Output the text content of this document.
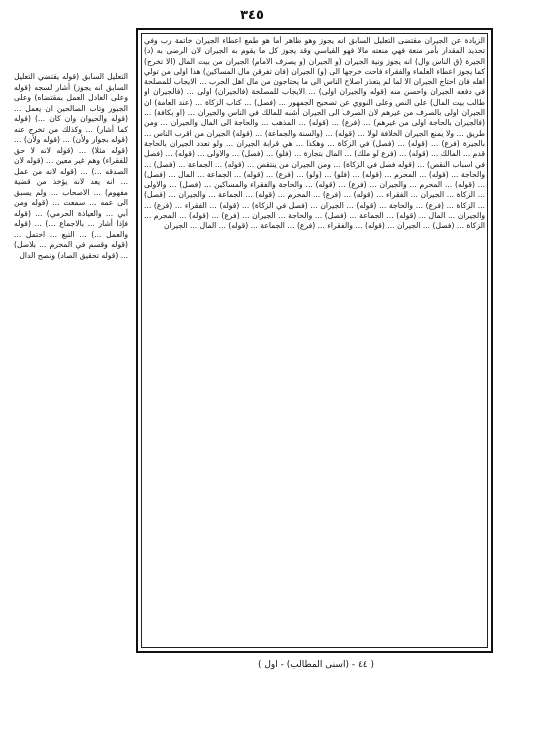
٣٤٥

الزيادة عن الجيران مقتضى التعليل السابق انه يجوز وهو ظاهر أما هو طمع اعطاء الجيران خاتمة رب وفي تحديد المقدار بأمر منعة فهي منعته مالا فهو القياسي وقد يجوز كل ما يقوم به الجيران لان الرضى به (د) الجيرة (ق الناس وال) انه يجوز ونية الجيران (و الجيران (و يصرف الامام) الجيران من بيت المال (الا تخرج) كما يجوز اعطاء العلماء والفقراء فاحت خرجها الى (و) الجيران (فان تفرقن مال المساكين) هذا اولى من تولي اهله فان احتاج الجيران الا لما لم يتعذر اصلاح الناس الى ما يحتاجون من مال اهل الحرب ... الايجاب للمصلحة في دفعه الجيران واحسن منه (قوله والجيران اولى) ... الايجاب للمصلحة (فالجيران) اولى ... (فالجيران او طالب بيت المال) على النص وعلى النووي عن تصحيح الجمهور ... (فصل) ... كتاب الزكاة ... (عند العامة) ان الجيران اولى بالصرف من غيرهم لان الصرف الى الجيران أشبه للمالك في الناس والجيران ... (او بكافة) ... (فالجيران بالحاجة اولى من غيرهم) ... (فرع) ... (قوله) ... المذهب ... والحاجة الى المال والجيران ... ومن طريق ... ولا يمنع الجيران الخلافة لولا ... (قوله) ... (والسنة والجماعة) ... (قوله) الجيران من اقرب الناس ... بالجيرة (فرع) ... (قوله) ... (فصل) في الزكاة ... وهكذا ... هي قرابة الجيران ... ولو تعدد الجيران بالحاجة قدم ... المالك ... (قوله) ... (فرع لو ملك) ... المال بتجارة ... (فلو) ... (فصل) ... والاولى ... (قوله) ... (فصل في اسباب النقص) ... (قوله فصل في الزكاة) ... ومن الجيران من ينتقص ... (قوله) ... الجماعة ... (فصل) ... والحاجة ... (قوله) ... المحرم ... (قوله) ... (فلو) ... (ولو) ... (فرع) ... (قوله) ... الجماعة ... المال ... (فصل) ... (قوله) ... المحرم ... والجيران ... (فرع) ... (قوله) ... والحاجة والفقراء والمساكين ... (فصل) ... والاولى ... الزكاة ... الجيران ... الفقراء ... (قوله) ... (فرع) ... المحرم ... (قوله) ... الجماعة ... والجيران ... (فصل) ... الزكاة ... (فرع) ... والحاجة ... (قوله) ... الجيران ... (فصل في الزكاة) ... (قوله) ... الفقراء ... (فرع) ... والجيران ... المال ... (قوله) ... الجماعة ... (فصل) ... والحاجة ... الجيران ... (فرع) ... (قوله) ... المحرم ... الزكاة ... (فصل) ... الجيران ... (قوله) ... والفقراء ... (فرع) ... الجماعة ... (قوله) ... المال ... الجيران

التعليل السابق (قوله يقتضي التعليل السابق انه يجوز) أشار لسجه (قوله وعلى العادل العمل بمقتضاه) وعلى الجبور وتاب الصالحين ان يعمل ... (قوله والحيوان وان كان ...) (قوله كما أشار) ... وكذلك من تخرج عنه (قوله بجوار ولأن) ... (قوله ولأن) ... (قوله مثلا) ... (قوله لانه لا حق للفقراء) وهم غير معين ... (قوله لان الصدقه ...) ... (قوله لانه من عمل ... انه يعد لانه يؤخذ من قضية مفهوم) ... الاصحاب ... ولم يسبق الى عمه ... سمعت ... (قوله ومن أبي ... والعياذة الحرمي) ... (قوله فإذا أشار ... بالاجماع ...) ... (قوله والعمل ...) ... التبع ... احتمل ... (قوله وقسم في المحرم ... بلاصل) ... (قوله تحقيق الصاد) ونصح الدال

( ٤٤ - (اسنى المطالب) - اول )
